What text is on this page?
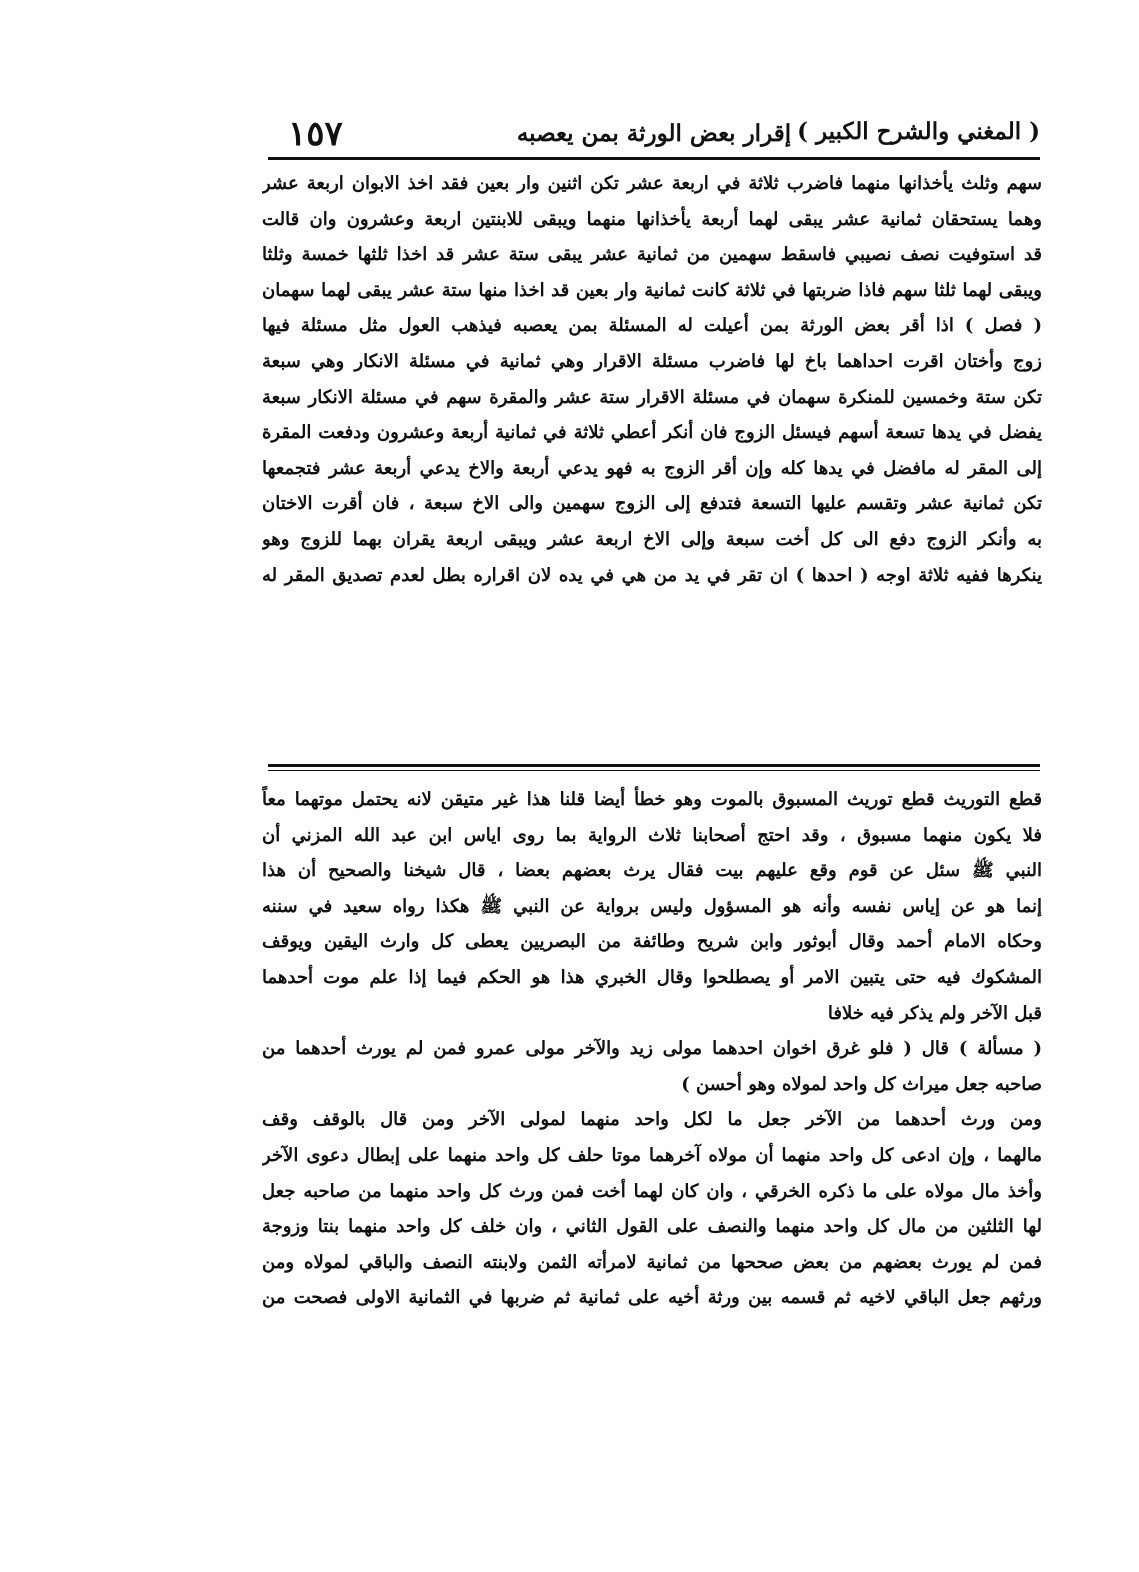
( المغني والشرح الكبير )
إقرار بعض الورثة بمن يعصبه
١٥٧
سهم وثلث يأخذانها منهما فاضرب ثلاثة في اربعة عشر تكن اثنين وار بعين فقد اخذ الابوان اربعة عشر
وهما يستحقان ثمانية عشر يبقى لهما أربعة يأخذانها منهما ويبقى للابنتين اربعة وعشرون وان قالت
قد استوفيت نصف نصيبي فاسقط سهمين من ثمانية عشر يبقى ستة عشر قد اخذا ثلثها خمسة وثلثا
ويبقى لهما ثلثا سهم فاذا ضربتها في ثلاثة كانت ثمانية وار بعين قد اخذا منها ستة عشر يبقى لهما سهمان
( فصل ) اذا أقر بعض الورثة بمن أعيلت له المسئلة بمن يعصبه فيذهب العول مثل مسئلة فيها
زوج وأختان اقرت احداهما باخ لها فاضرب مسئلة الاقرار وهي ثمانية في مسئلة الانكار وهي سبعة
تكن ستة وخمسين للمنكرة سهمان في مسئلة الاقرار ستة عشر والمقرة سهم في مسئلة الانكار سبعة
يفضل في يدها تسعة أسهم فيسئل الزوج فان أنكر أعطي ثلاثة في ثمانية أربعة وعشرون ودفعت المقرة
إلى المقر له مافضل في يدها كله وإن أقر الزوج به فهو يدعي أربعة والاخ يدعي أربعة عشر فتجمعها
تكن ثمانية عشر وتقسم عليها التسعة فتدفع إلى الزوج سهمين والى الاخ سبعة ، فان أقرت الاختان
به وأنكر الزوج دفع الى كل أخت سبعة وإلى الاخ اربعة عشر ويبقى اربعة يقران بهما للزوج وهو
ينكرها ففيه ثلاثة اوجه ( احدها ) ان تقر في يد من هي في يده لان اقراره بطل لعدم تصديق المقر له
قطع التوريث قطع توريث المسبوق بالموت وهو خطأ أيضا قلنا هذا غير متيقن لانه يحتمل موتهما معاً
فلا يكون منهما مسبوق ، وقد احتج أصحابنا ثلاث الرواية بما روى اياس ابن عبد الله المزني أن
النبي ﷺ سئل عن قوم وقع عليهم بيت فقال يرث بعضهم بعضا ، قال شيخنا والصحيح أن هذا
إنما هو عن إياس نفسه وأنه هو المسؤول وليس برواية عن النبي ﷺ هكذا رواه سعيد في سننه
وحكاه الامام أحمد وقال أبوثور وابن شريح وطائفة من البصريين يعطى كل وارث اليقين ويوقف
المشكوك فيه حتى يتبين الامر أو يصطلحوا وقال الخبري هذا هو الحكم فيما إذا علم موت أحدهما
قبل الآخر ولم يذكر فيه خلافا
( مسألة ) قال ( فلو غرق اخوان احدهما مولى زيد والآخر مولى عمرو فمن لم يورث أحدهما من
صاحبه جعل ميراث كل واحد لمولاه وهو أحسن )
ومن ورث أحدهما من الآخر جعل ما لكل واحد منهما لمولى الآخر ومن قال بالوقف وقف
مالهما ، وإن ادعى كل واحد منهما أن مولاه آخرهما موتا حلف كل واحد منهما على إبطال دعوى الآخر
وأخذ مال مولاه على ما ذكره الخرقي ، وان كان لهما أخت فمن ورث كل واحد منهما من صاحبه جعل
لها الثلثين من مال كل واحد منهما والنصف على القول الثاني ، وان خلف كل واحد منهما بنتا وزوجة
فمن لم يورث بعضهم من بعض صححها من ثمانية لامرأته الثمن ولابنته النصف والباقي لمولاه ومن
ورثهم جعل الباقي لاخيه ثم قسمه بين ورثة أخيه على ثمانية ثم ضربها في الثمانية الاولى فصحت من
